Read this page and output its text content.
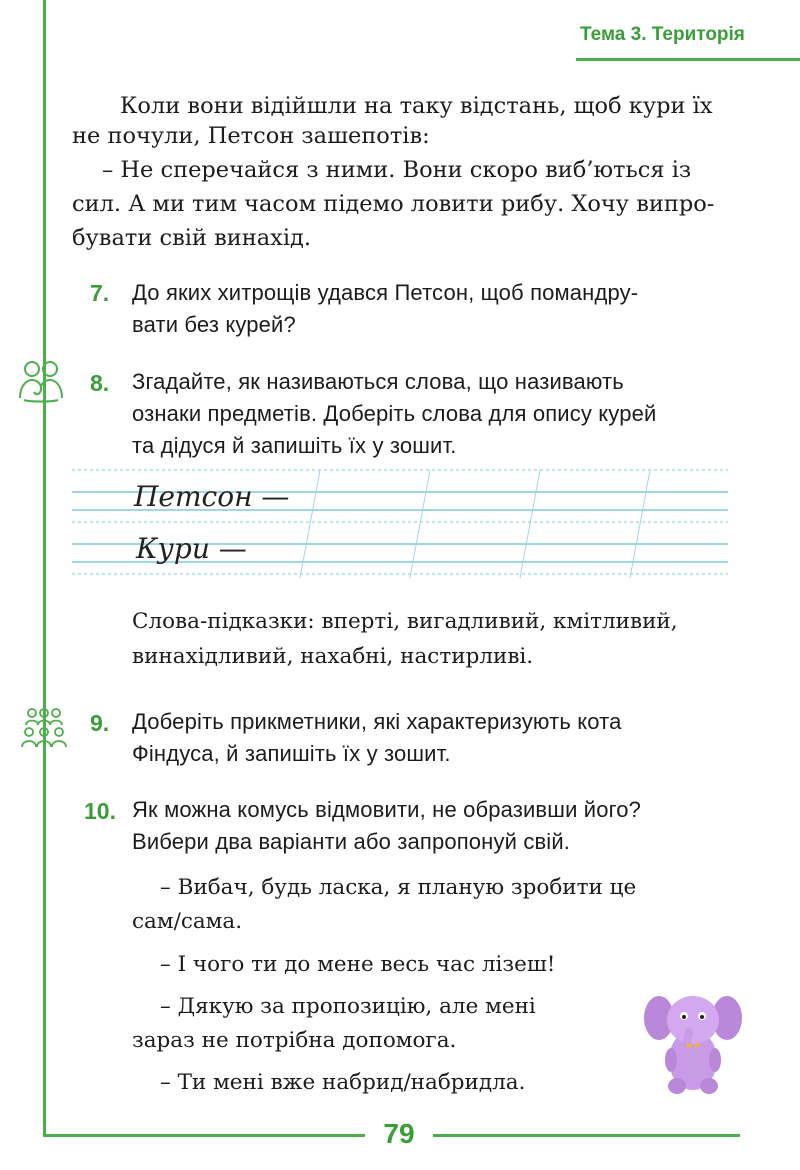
Тема 3. Територія
Коли вони відійшли на таку відстань, щоб кури їх
не почули, Петсон зашепотів:
– Не сперечайся з ними. Вони скоро виб’ються із
сил. А ми тим часом підемо ловити рибу. Хочу випро-
бувати свій винахід.
7. До яких хитрощів удався Петсон, щоб помандру-
вати без курей?
8. Згадайте, як називаються слова, що називають
ознаки предметів. Доберіть слова для опису курей
та дідуся й запишіть їх у зошит.
Петсон —
Кури —
Слова-підказки: вперті, вигадливий, кмітливий,
винахідливий, нахабні, настирливі.
9. Доберіть прикметники, які характеризують кота
Фіндуса, й запишіть їх у зошит.
10. Як можна комусь відмовити, не образивши його?
Вибери два варіанти або запропонуй свій.
– Вибач, будь ласка, я планую зробити це
сам/сама.
– І чого ти до мене весь час лізеш!
– Дякую за пропозицію, але мені
зараз не потрібна допомога.
– Ти мені вже набрид/набридла.
79
